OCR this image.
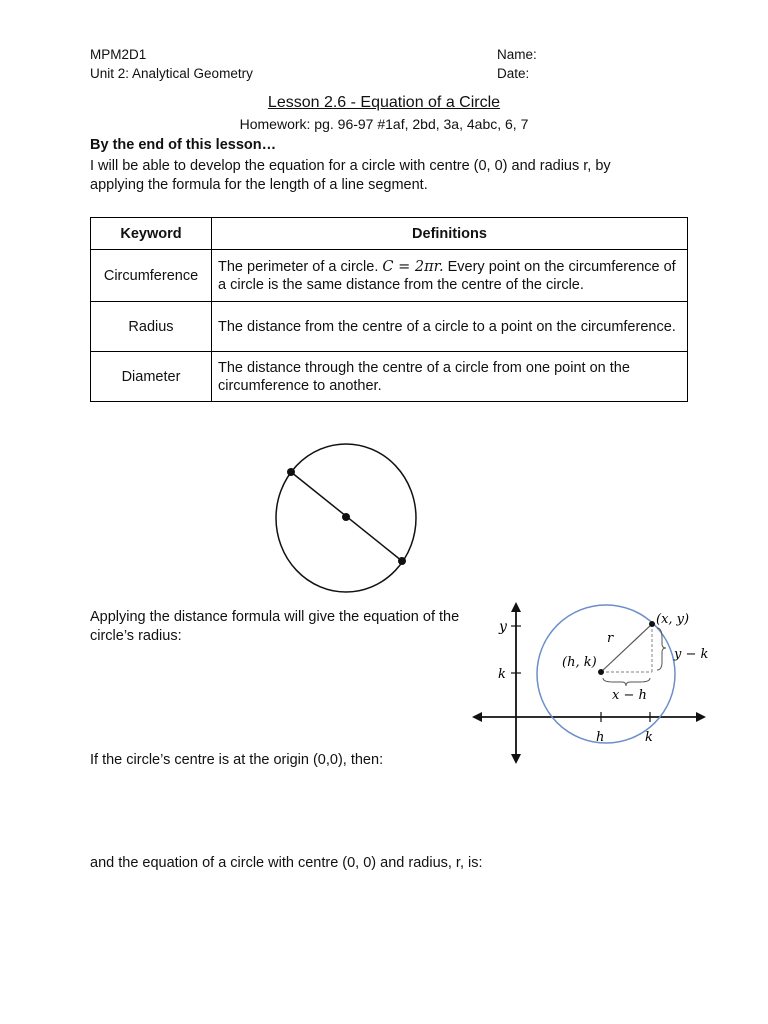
MPM2D1
Unit 2: Analytical Geometry
Name:
Date:
Lesson 2.6 - Equation of a Circle
Homework: pg. 96-97 #1af, 2bd, 3a, 4abc, 6, 7
By the end of this lesson…
I will be able to develop the equation for a circle with centre (0, 0) and radius r, by applying the formula for the length of a line segment.
Keyword	Definitions
Circumference	The perimeter of a circle. C = 2πr. Every point on the circumference of a circle is the same distance from the centre of the circle.
Radius	The distance from the centre of a circle to a point on the circumference.
Diameter	The distance through the centre of a circle from one point on the circumference to another.
Applying the distance formula will give the equation of the circle’s radius:
y
k
(x, y)
(h, k)
r
y − k
x − h
h	k
If the circle’s centre is at the origin (0,0), then:
and the equation of a circle with centre (0, 0) and radius, r, is:
